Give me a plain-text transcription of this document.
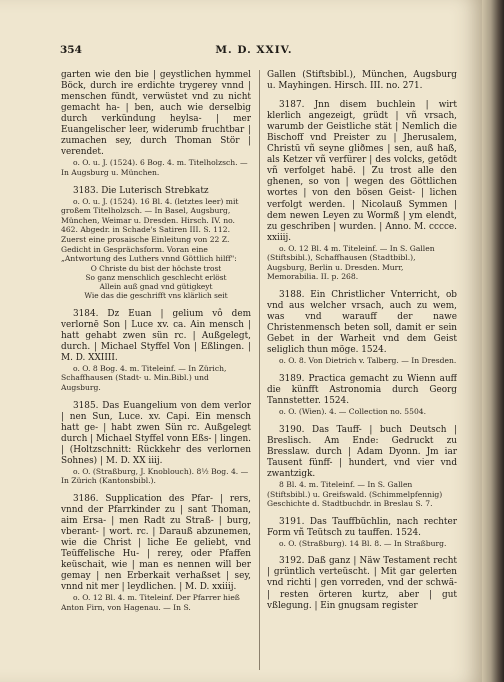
354	M. D. XXIV.

garten wie den bie | geystlichen hymmel Böck, durch ire erdichte trygerey vnnd | menschen fündt, verwüstet vnd zu nicht gemacht ha- | ben, auch wie derselbig durch verkündung heylsa- | mer Euangelischer leer, widerumb fruchtbar | zumachen sey, durch Thoman Stör | verendet.

o. O. u. J. (1524). 6 Bog. 4. m. Titelholzsch. — In Augsburg u. München.

3183. Die Luterisch Strebkatz

o. O. u. J. (1524). 16 Bl. 4. (letztes leer) mit großem Titelholzsch. — In Basel, Augsburg, München, Weimar u. Dresden. Hirsch. IV. no. 462. Abgedr. in Schade's Satiren III. S. 112. Zuerst eine prosaische Einleitung von 22 Z. Gedicht in Gesprächsform. Voran eine „Antwortung des Luthers vnnd Göttlich hilff":
O Christe du bist der höchste trost
So ganz menschlich geschlecht erlöst
Allein auß gnad vnd gütigkeyt
Wie das die geschrifft vns klärlich seit

3184. Dz Euan | gelium vô dem verlornē Son | Luce xv. ca. Ain mensch | hatt gehabt zwen sün rc. | Außgelegt, durch. | Michael Styffel Von | Eßlingen. | M. D. XXIIII.

o. O. 8 Bog. 4. m. Titeleinf. — In Zürich, Schaffhausen (Stadt- u. Min.Bibl.) und Augsburg.

3185. Das Euangelium von dem verlor | nen Sun, Luce. xv. Capi. Ein mensch hatt ge- | habt zwen Sün rc. Außgelegt durch | Michael Styffel vonn Eßs- | lingen. | (Holtzschnitt: Rückkehr des verlornen Sohnes) | M. D. XX iiij.

o. O. (Straßburg, J. Knoblouch). 8½ Bog. 4. — In Zürich (Kantonsbibl.).

3186. Supplication des Pfar- | rers, vnnd der Pfarrkinder zu | sant Thoman, aim Ersa- | men Radt zu Straß- | burg, vberant- | wort. rc. | Darauß abzunemen, wie die Christ | liche Ee geliebt, vnd Teüffelische Hu- | rerey, oder Pfaffen keüschait, wie | man es nennen will ber gemay | nen Erberkait verhaßset | sey, vnnd nit mer | leydlichen. | M. D. xxiiij.

o. O. 12 Bl. 4. m. Titeleinf. Der Pfarrer hieß Anton Firn, von Hagenau. — In S.

Gallen (Stiftsbibl.), München, Augsburg u. Mayhingen. Hirsch. III. no. 271.

3187. Jnn disem buchlein | wirt klerlich angezeigt, grüdt | vñ vrsach, warumb der Geistliche stät | Nemlich die Bischoff vnd Preister zu | Jherusalem, Christū vñ seyne gliðmes | sen, auß haß, als Ketzer vñ verfürer | des volcks, getödt vñ verfolget habē. | Zu trost alle den ghenen, so von | wegen des Göttlichen wortes | von den bösen Geist- | lichen verfolgt werden. | Nicolauß Symmen | dem newen Leyen zu Wormß | ym elendt, zu geschriben | wurden. | Anno. M. cccce. xxiiij.

o. O. 12 Bl. 4 m. Titeleinf. — In S. Gallen (Stiftsbibl.), Schaffhausen (Stadtbibl.), Augsburg, Berlin u. Dresden. Murr, Memorabilia. II. p. 268.

3188. Ein Christlicher Vnterricht, ob vnd aus welcher vrsach, auch zu wem, was vnd warauff der nawe Christenmensch beten soll, damit er sein Gebet in der Warheit vnd dem Geist seliglich thun möge. 1524.

o. O. 8. Von Dietrich v. Talberg. — In Dresden.

3189. Practica gemacht zu Wienn auff die künfft Astronomia durch Georg Tannstetter. 1524.

o. O. (Wien). 4. — Collection no. 5504.

3190. Das Tauff- | buch Deutsch | Breslisch. Am Ende: Gedruckt zu Bresslaw. durch | Adam Dyonn. Jm iar Tausent fünff- | hundert, vnd vier vnd zwantzigk.

8 Bl. 4. m. Titeleinf. — In S. Gallen (Stiftsbibl.) u. Greifswald. (Schimmelpfennig) Geschichte d. Stadtbuchdr. in Breslau S. 7.

3191. Das Tauffbüchlin, nach rechter Form vñ Teütsch zu tauffen. 1524.

o. O. (Straßburg). 14 Bl. 8. — In Straßburg.

3192. Daß ganz | Näw Testament recht | grüntlich verteüscht. | Mit gar gelerten vnd richti | gen vorreden, vnd der schwä- | resten örteren kurtz, aber | gut vßlegung. | Ein gnugsam register
